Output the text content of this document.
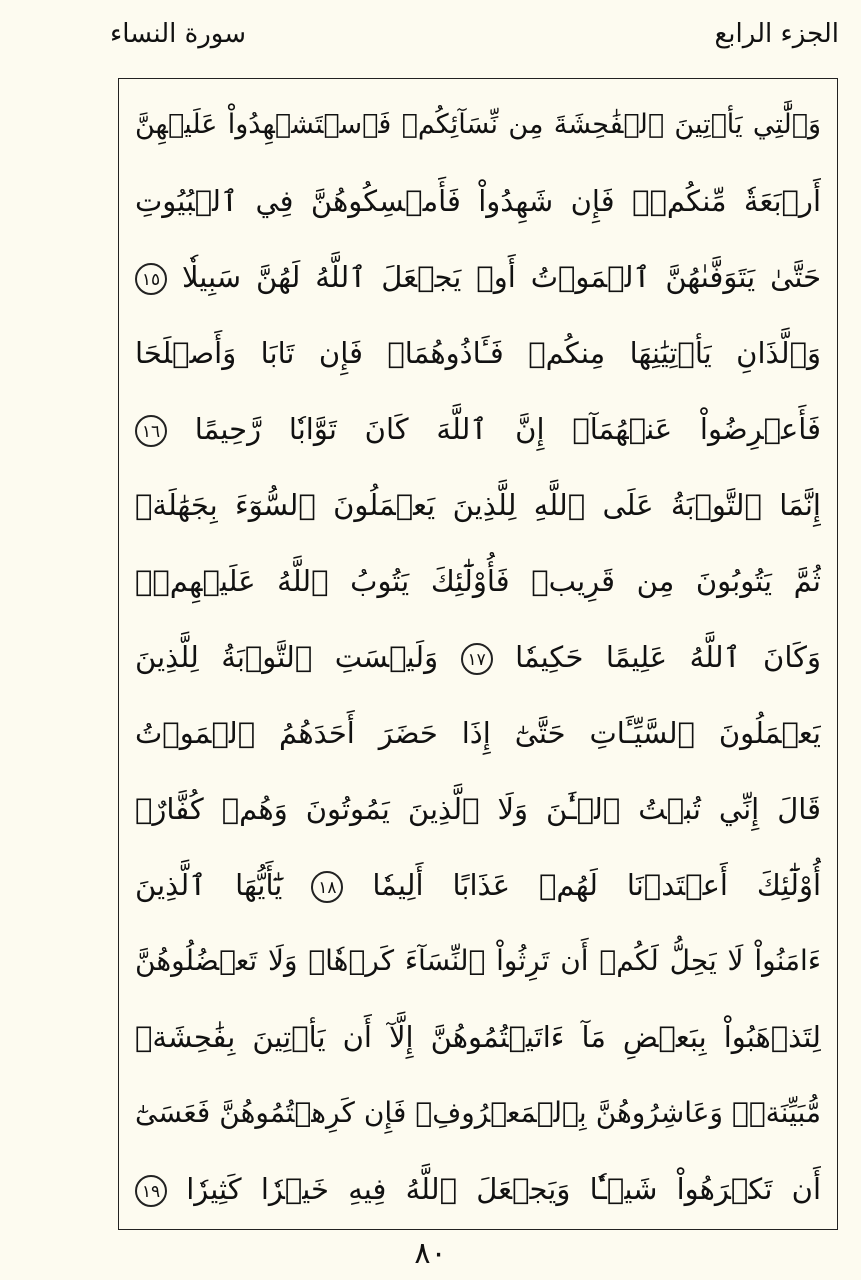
الجزء الرابع
سورة النساء
وَٱلَّٰتِي يَأۡتِينَ ٱلۡفَٰحِشَةَ مِن نِّسَآئِكُمۡ فَٱسۡتَشۡهِدُواْ عَلَيۡهِنَّ
أَرۡبَعَةٗ مِّنكُمۡۖ فَإِن شَهِدُواْ فَأَمۡسِكُوهُنَّ فِي ٱلۡبُيُوتِ
حَتَّىٰ يَتَوَفَّىٰهُنَّ ٱلۡمَوۡتُ أَوۡ يَجۡعَلَ ٱللَّهُ لَهُنَّ سَبِيلٗا ١٥
وَٱلَّذَانِ يَأۡتِيَٰنِهَا مِنكُمۡ فَـَٔاذُوهُمَاۖ فَإِن تَابَا وَأَصۡلَحَا
فَأَعۡرِضُواْ عَنۡهُمَآۗ إِنَّ ٱللَّهَ كَانَ تَوَّابٗا رَّحِيمًا ١٦
إِنَّمَا ٱلتَّوۡبَةُ عَلَى ٱللَّهِ لِلَّذِينَ يَعۡمَلُونَ ٱلسُّوٓءَ بِجَهَٰلَةٖ
ثُمَّ يَتُوبُونَ مِن قَرِيبٖ فَأُوْلَٰٓئِكَ يَتُوبُ ٱللَّهُ عَلَيۡهِمۡۗ
وَكَانَ ٱللَّهُ عَلِيمًا حَكِيمٗا ١٧ وَلَيۡسَتِ ٱلتَّوۡبَةُ لِلَّذِينَ
يَعۡمَلُونَ ٱلسَّيِّـَٔاتِ حَتَّىٰٓ إِذَا حَضَرَ أَحَدَهُمُ ٱلۡمَوۡتُ
قَالَ إِنِّي تُبۡتُ ٱلۡـَٰٔنَ وَلَا ٱلَّذِينَ يَمُوتُونَ وَهُمۡ كُفَّارٌۚ
أُوْلَٰٓئِكَ أَعۡتَدۡنَا لَهُمۡ عَذَابًا أَلِيمٗا ١٨ يَٰٓأَيُّهَا ٱلَّذِينَ
ءَامَنُواْ لَا يَحِلُّ لَكُمۡ أَن تَرِثُواْ ٱلنِّسَآءَ كَرۡهٗاۖ وَلَا تَعۡضُلُوهُنَّ
لِتَذۡهَبُواْ بِبَعۡضِ مَآ ءَاتَيۡتُمُوهُنَّ إِلَّآ أَن يَأۡتِينَ بِفَٰحِشَةٖ
مُّبَيِّنَةٖۚ وَعَاشِرُوهُنَّ بِٱلۡمَعۡرُوفِۚ فَإِن كَرِهۡتُمُوهُنَّ فَعَسَىٰٓ
أَن تَكۡرَهُواْ شَيۡـٔٗا وَيَجۡعَلَ ٱللَّهُ فِيهِ خَيۡرٗا كَثِيرٗا ١٩
٨٠
